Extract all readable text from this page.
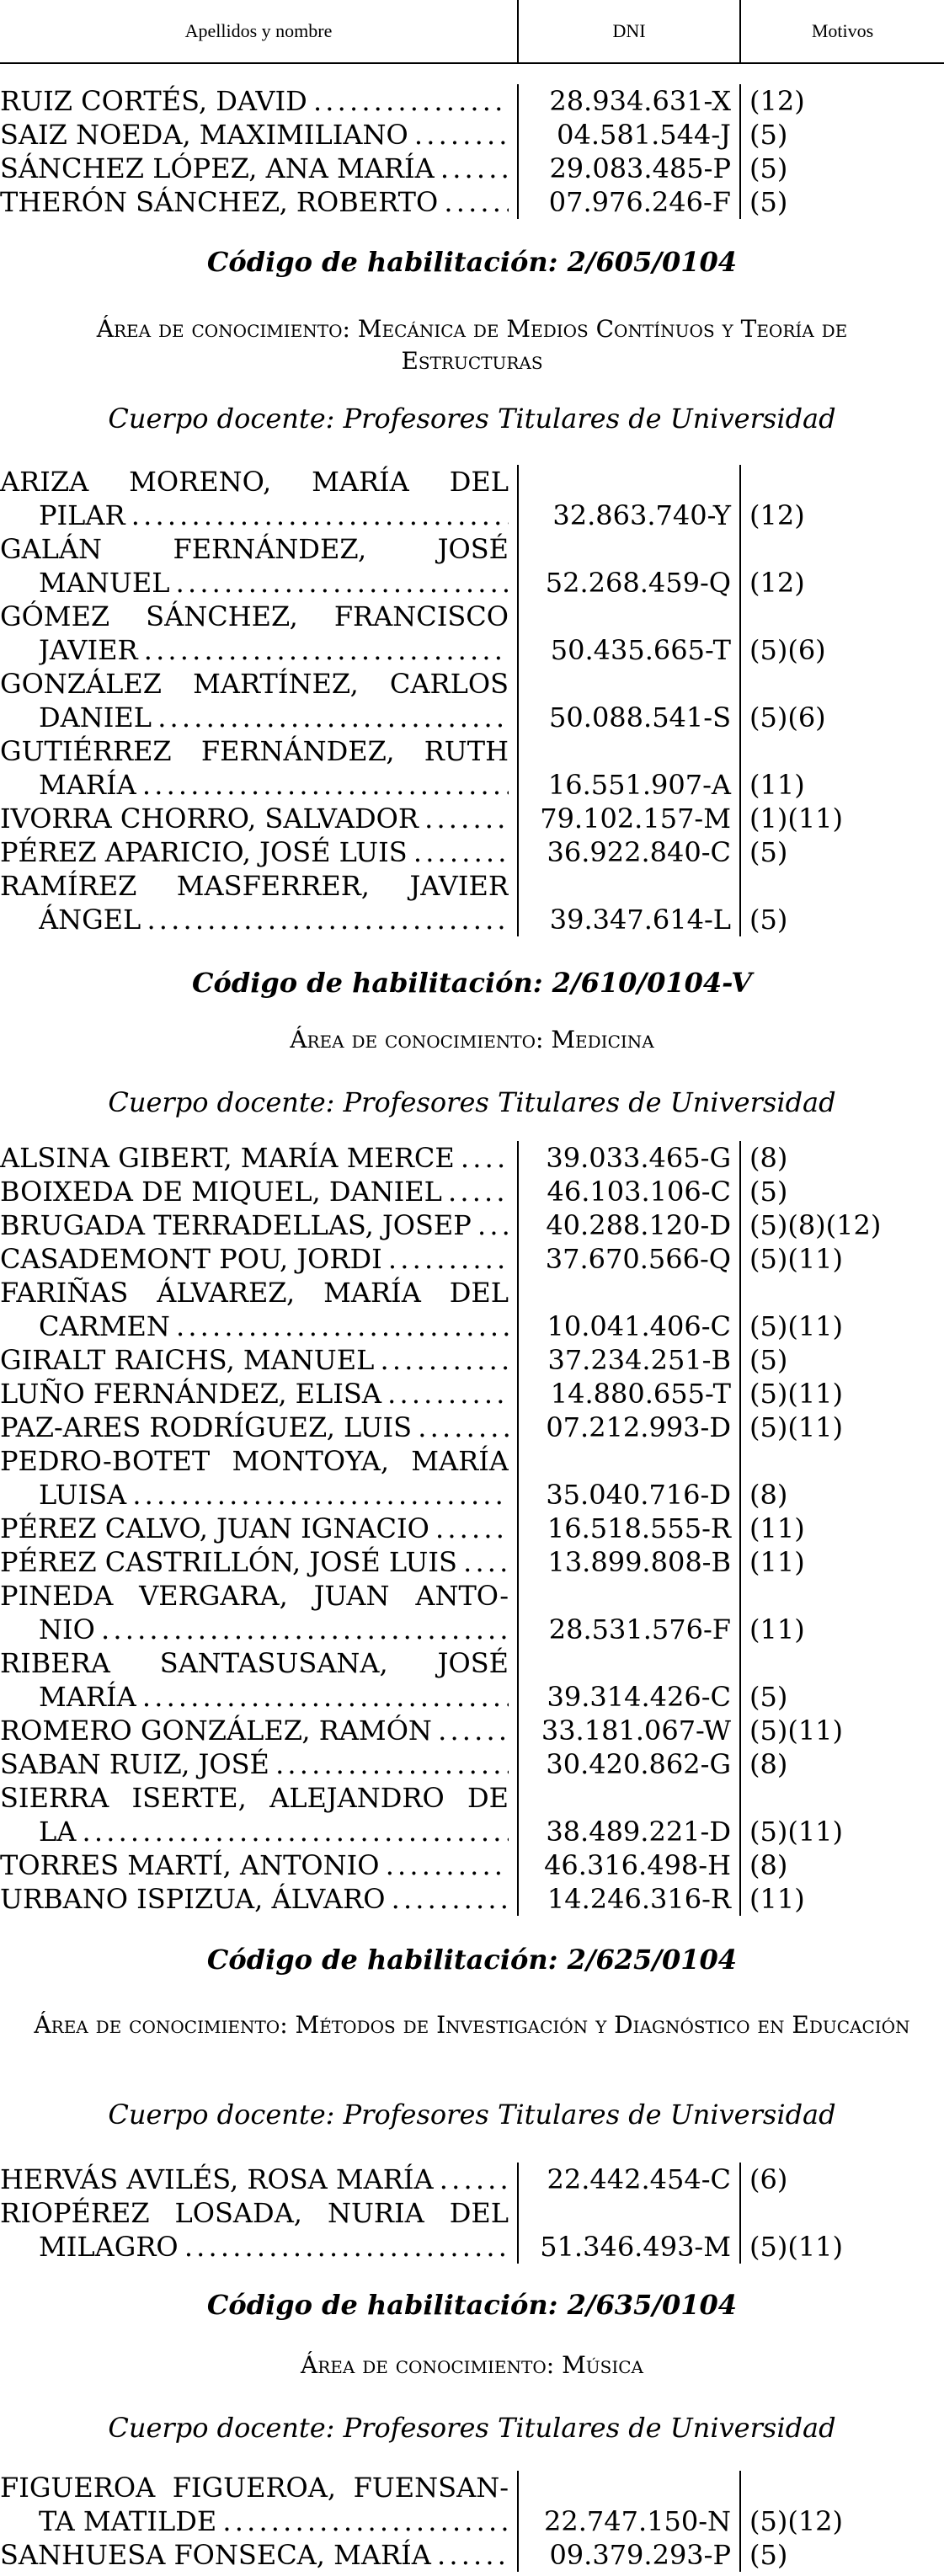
Apellidos y nombre	DNI	Motivos
RUIZ CORTÉS, DAVID . . .	28.934.631-X (12)
SAIZ NOEDA, MAXIMILIANO . . .	04.581.544-J (5)
SÁNCHEZ LÓPEZ, ANA MARÍA . . .	29.083.485-P (5)
THERÓN SÁNCHEZ, ROBERTO . . .	07.976.246-F (5)
Código de habilitación: 2/605/0104
Área de conocimiento: Mecánica de Medios Contínuos y Teoría de Estructuras
Cuerpo docente: Profesores Titulares de Universidad
ARIZA MORENO, MARÍA DEL
PILAR . . .	32.863.740-Y (12)
GALÁN FERNÁNDEZ, JOSÉ
MANUEL . . .	52.268.459-Q (12)
GÓMEZ SÁNCHEZ, FRANCISCO
JAVIER . . .	50.435.665-T (5)(6)
GONZÁLEZ MARTÍNEZ, CARLOS
DANIEL . . .	50.088.541-S (5)(6)
GUTIÉRREZ FERNÁNDEZ, RUTH
MARÍA . . .	16.551.907-A (11)
IVORRA CHORRO, SALVADOR . . .	79.102.157-M (1)(11)
PÉREZ APARICIO, JOSÉ LUIS . . .	36.922.840-C (5)
RAMÍREZ MASFERRER, JAVIER
ÁNGEL . . .	39.347.614-L (5)
Código de habilitación: 2/610/0104-V
Área de conocimiento: Medicina
Cuerpo docente: Profesores Titulares de Universidad
ALSINA GIBERT, MARÍA MERCE . . .	39.033.465-G (8)
BOIXEDA DE MIQUEL, DANIEL . . .	46.103.106-C (5)
BRUGADA TERRADELLAS, JOSEP . . .	40.288.120-D (5)(8)(12)
CASADEMONT POU, JORDI . . .	37.670.566-Q (5)(11)
FARIÑAS ÁLVAREZ, MARÍA DEL
CARMEN . . .	10.041.406-C (5)(11)
GIRALT RAICHS, MANUEL . . .	37.234.251-B (5)
LUÑO FERNÁNDEZ, ELISA . . .	14.880.655-T (5)(11)
PAZ-ARES RODRÍGUEZ, LUIS . . .	07.212.993-D (5)(11)
PEDRO-BOTET MONTOYA, MARÍA
LUISA . . .	35.040.716-D (8)
PÉREZ CALVO, JUAN IGNACIO . . .	16.518.555-R (11)
PÉREZ CASTRILLÓN, JOSÉ LUIS . . .	13.899.808-B (11)
PINEDA VERGARA, JUAN ANTO-
NIO . . .	28.531.576-F (11)
RIBERA SANTASUSANA, JOSÉ
MARÍA . . .	39.314.426-C (5)
ROMERO GONZÁLEZ, RAMÓN . . .	33.181.067-W (5)(11)
SABAN RUIZ, JOSÉ . . .	30.420.862-G (8)
SIERRA ISERTE, ALEJANDRO DE
LA . . .	38.489.221-D (5)(11)
TORRES MARTÍ, ANTONIO . . .	46.316.498-H (8)
URBANO ISPIZUA, ÁLVARO . . .	14.246.316-R (11)
Código de habilitación: 2/625/0104
Área de conocimiento: Métodos de Investigación y Diagnóstico en Educación
Cuerpo docente: Profesores Titulares de Universidad
HERVÁS AVILÉS, ROSA MARÍA . . .	22.442.454-C (6)
RIOPÉREZ LOSADA, NURIA DEL
MILAGRO . . .	51.346.493-M (5)(11)
Código de habilitación: 2/635/0104
Área de conocimiento: Música
Cuerpo docente: Profesores Titulares de Universidad
FIGUEROA FIGUEROA, FUENSAN-
TA MATILDE . . .	22.747.150-N (5)(12)
SANHUESA FONSECA, MARÍA . . .	09.379.293-P (5)
